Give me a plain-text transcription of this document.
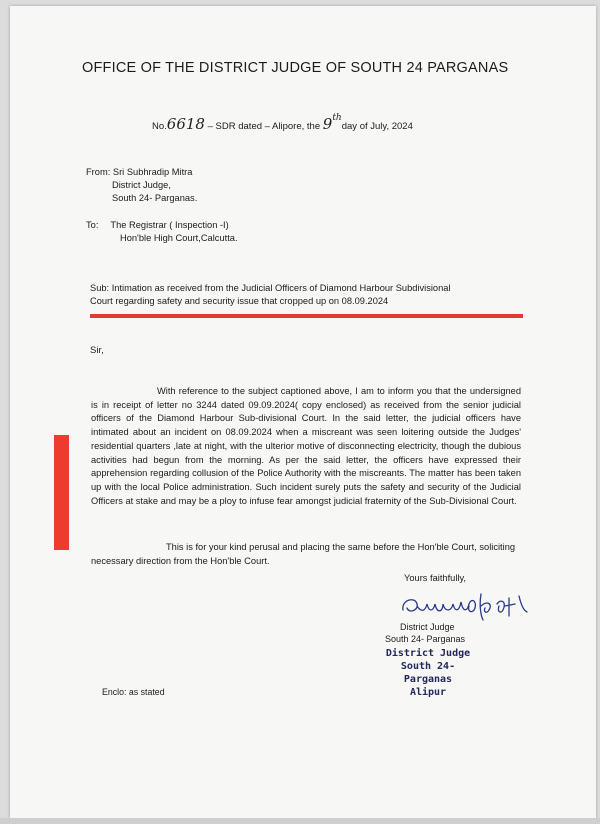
OFFICE OF THE DISTRICT JUDGE OF SOUTH 24 PARGANAS
No.6618 – SDR dated – Alipore, the 9thday of July, 2024
From: Sri Subhradip Mitra
District Judge,
South 24- Parganas.
To: The Registrar ( Inspection -I)
Hon'ble High Court,Calcutta.
Sub: Intimation as received from the Judicial Officers of Diamond Harbour Subdivisional
Court regarding safety and security issue that cropped up on 08.09.2024
Sir,
With reference to the subject captioned above, I am to inform you that the undersigned is in receipt of letter no 3244 dated 09.09.2024( copy enclosed) as received from the senior judicial officers of the Diamond Harbour Sub-divisional Court. In the said letter, the judicial officers have intimated about an incident on 08.09.2024 when a miscreant was seen loitering outside the Judges' residential quarters ,late at night, with the ulterior motive of disconnecting electricity, though the dubious activities had begun from the morning. As per the said letter, the officers have expressed their apprehension regarding collusion of the Police Authority with the miscreants. The matter has been taken up with the local Police administration. Such incident surely puts the safety and security of the Judicial Officers at stake and may be a ploy to infuse fear amongst judicial fraternity of the Sub-Divisional Court.
This is for your kind perusal and placing the same before the Hon'ble Court, soliciting necessary direction from the Hon'ble Court.
Yours faithfully,
District Judge
South 24- Parganas
District Judge
South 24-Parganas
Alipur
Enclo: as stated
